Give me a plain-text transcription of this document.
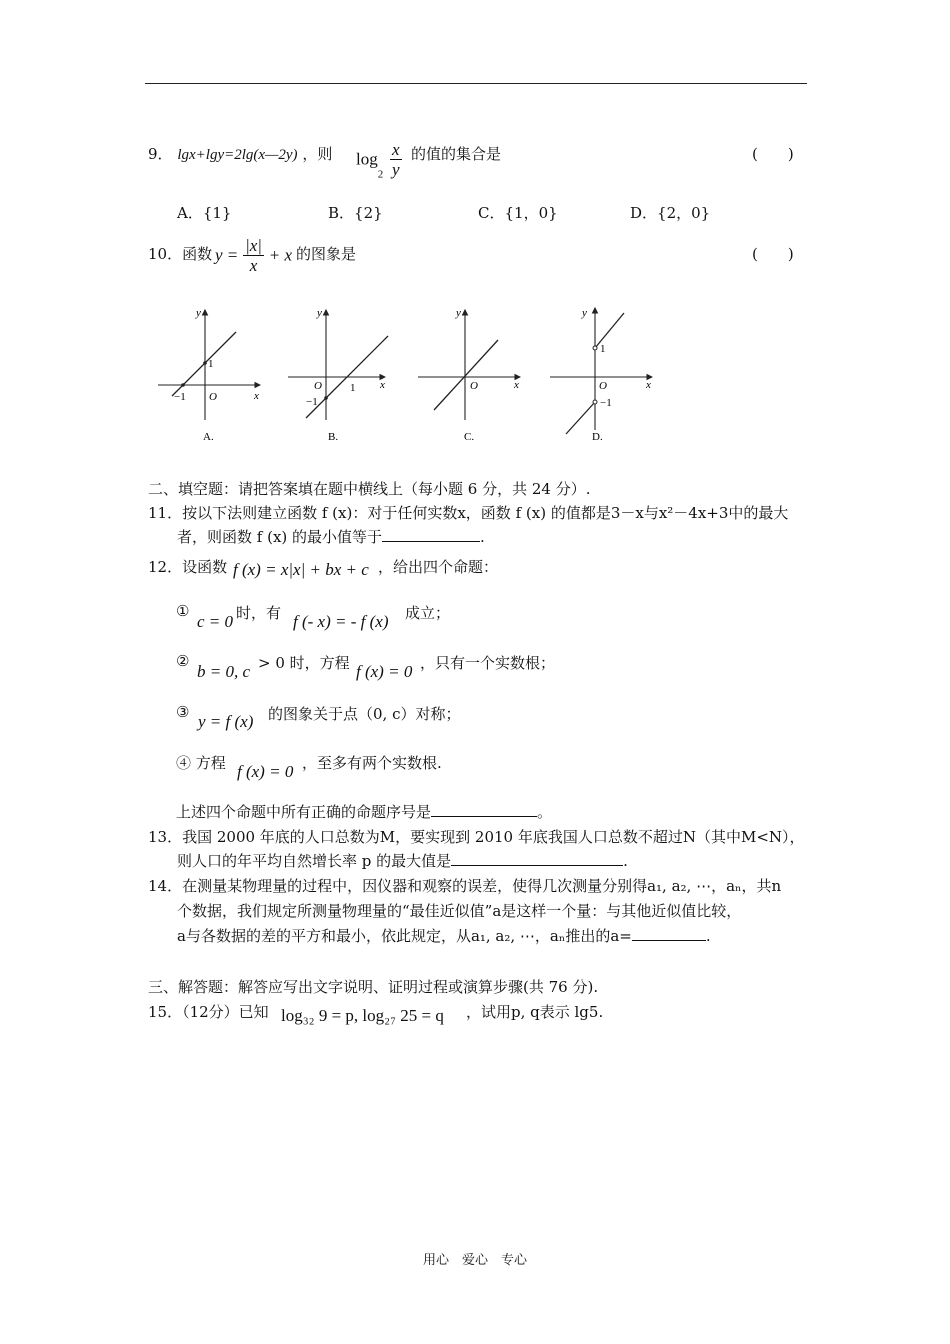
9． lgx+lgy=2lg(x—2y) ，则 $\log_2 \frac{x}{y}$ 的值的集合是	(　　)
A．{1}	B．{2}	C．{1，0}	D．{2，0}
10．函数 $y = \frac{|x|}{x} + x$ 的图象是	(　　)
y
x
1
−1 O
A.
y
x
1
−1
O
B.
y
x
O
C.
y
x
1
−1
O
D.
二、填空题：请把答案填在题中横线上（每小题 6 分，共 24 分）.
11．按以下法则建立函数 f (x)：对于任何实数x，函数 f (x) 的值都是3－x与x²－4x+3中的最大
者，则函数 f (x) 的最小值等于	.
12．设函数 f (x) = x|x| + bx + c ，给出四个命题：
①
c = 0 时，有 f (- x) = - f (x) 成立；
②
b = 0, c > 0 时，方程 f (x) = 0 ，只有一个实数根；
③ y = f (x) 的图象关于点（0, c）对称；
④ 方程 f (x) = 0 ，至多有两个实数根.
上述四个命题中所有正确的命题序号是	。
13．我国 2000 年底的人口总数为M，要实现到 2010 年底我国人口总数不超过N（其中M<N），
则人口的年平均自然增长率 p 的最大值是	.
14．在测量某物理量的过程中，因仪器和观察的误差，使得几次测量分别得a₁, a₂, ⋯，aₙ，共n
个数据，我们规定所测量物理量的“最佳近似值”a是这样一个量：与其他近似值比较，
a与各数据的差的平方和最小，依此规定，从a₁, a₂, ⋯，aₙ推出的a=	.
三、解答题：解答应写出文字说明、证明过程或演算步骤(共 76 分).
15．（12分）已知 log₃₂ 9 = p, log₂₇ 25 = q ，试用p, q表示 lg5.
用心　爱心　专心
